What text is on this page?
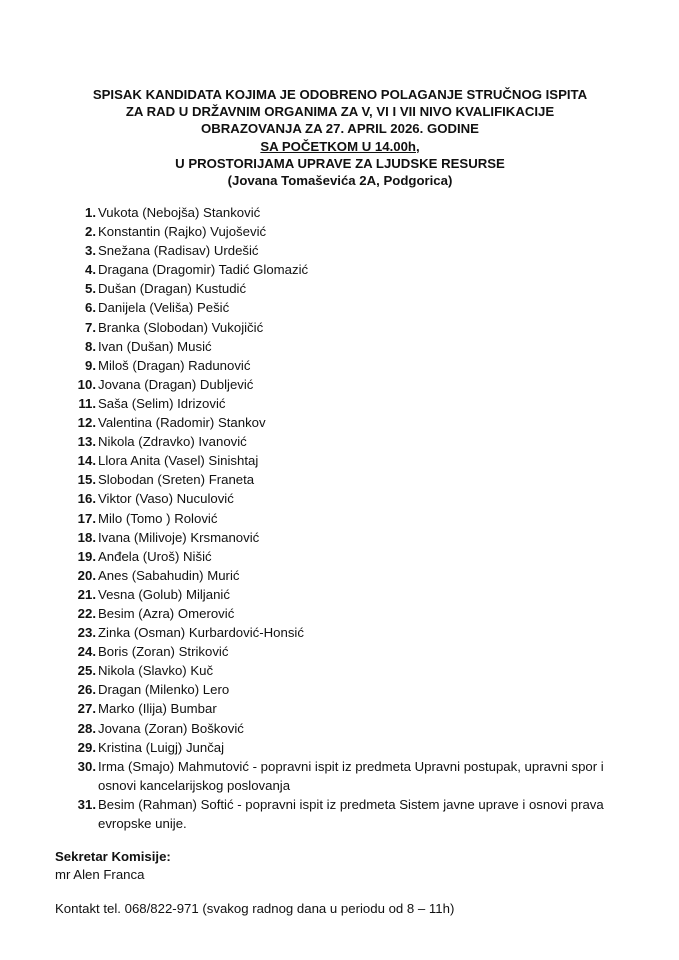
SPISAK KANDIDATA KOJIMA JE ODOBRENO POLAGANJE STRUČNOG ISPITA
ZA RAD U DRŽAVNIM ORGANIMA ZA V, VI I VII NIVO KVALIFIKACIJE
OBRAZOVANJA ZA 27. APRIL 2026. GODINE
SA POČETKOM U 14.00h,
U PROSTORIJAMA UPRAVE ZA LJUDSKE RESURSE
(Jovana Tomaševića 2A, Podgorica)
1. Vukota (Nebojša) Stanković
2. Konstantin (Rajko) Vujošević
3. Snežana (Radisav) Urdešić
4. Dragana (Dragomir) Tadić Glomazić
5. Dušan (Dragan) Kustudić
6. Danijela (Veliša) Pešić
7. Branka (Slobodan) Vukojičić
8. Ivan (Dušan) Musić
9. Miloš (Dragan) Radunović
10. Jovana (Dragan) Dubljević
11. Saša (Selim) Idrizović
12. Valentina (Radomir) Stankov
13. Nikola (Zdravko) Ivanović
14. Llora Anita (Vasel) Sinishtaj
15. Slobodan (Sreten) Franeta
16. Viktor (Vaso) Nuculović
17. Milo (Tomo ) Rolović
18. Ivana (Milivoje) Krsmanović
19. Anđela (Uroš) Nišić
20. Anes (Sabahudin) Murić
21. Vesna (Golub) Miljanić
22. Besim (Azra) Omerović
23. Zinka (Osman) Kurbardović-Honsić
24. Boris (Zoran) Striković
25. Nikola (Slavko) Kuč
26. Dragan (Milenko) Lero
27. Marko (Ilija) Bumbar
28. Jovana (Zoran) Bošković
29. Kristina (Luigj) Junčaj
30. Irma (Smajo) Mahmutović - popravni ispit iz predmeta Upravni postupak, upravni spor i osnovi kancelarijskog poslovanja
31. Besim (Rahman) Softić - popravni ispit iz predmeta Sistem javne uprave i osnovi prava evropske unije.
Sekretar Komisije:
mr Alen Franca
Kontakt tel. 068/822-971 (svakog radnog dana u periodu od 8 – 11h)
